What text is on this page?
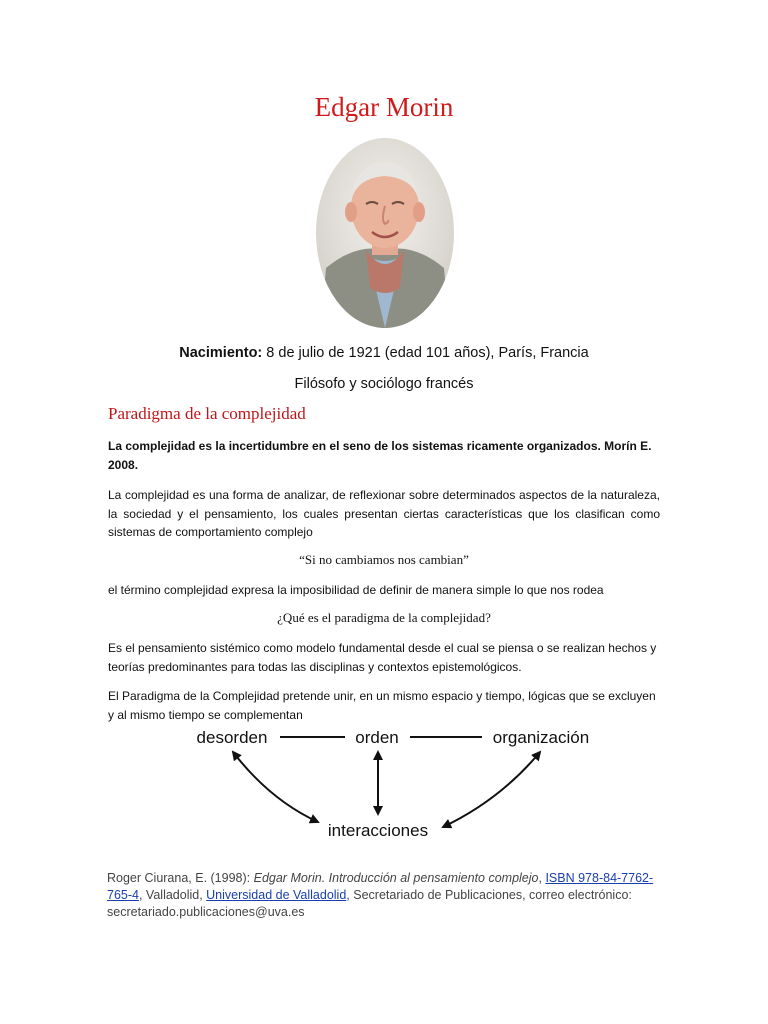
Edgar Morin
Nacimiento: 8 de julio de 1921 (edad 101 años), París, Francia
Filósofo y sociólogo francés
Paradigma de la complejidad
La complejidad es la incertidumbre en el seno de los sistemas ricamente organizados. Morín E. 2008.
La complejidad es una forma de analizar, de reflexionar sobre determinados aspectos de la naturaleza, la sociedad y el pensamiento, los cuales presentan ciertas características que los clasifican como sistemas de comportamiento complejo
“Si no cambiamos nos cambian”
el término complejidad expresa la imposibilidad de definir de manera simple lo que nos rodea
¿Qué es el paradigma de la complejidad?
Es el pensamiento sistémico como modelo fundamental desde el cual se piensa o se realizan hechos y teorías predominantes para todas las disciplinas y contextos epistemológicos.
El Paradigma de la Complejidad pretende unir, en un mismo espacio y tiempo, lógicas que se excluyen y al mismo tiempo se complementan
desorden	orden	organización
interacciones
Roger Ciurana, E. (1998): Edgar Morin. Introducción al pensamiento complejo, ISBN 978-84-7762-765-4, Valladolid, Universidad de Valladolid, Secretariado de Publicaciones, correo electrónico: secretariado.publicaciones@uva.es
